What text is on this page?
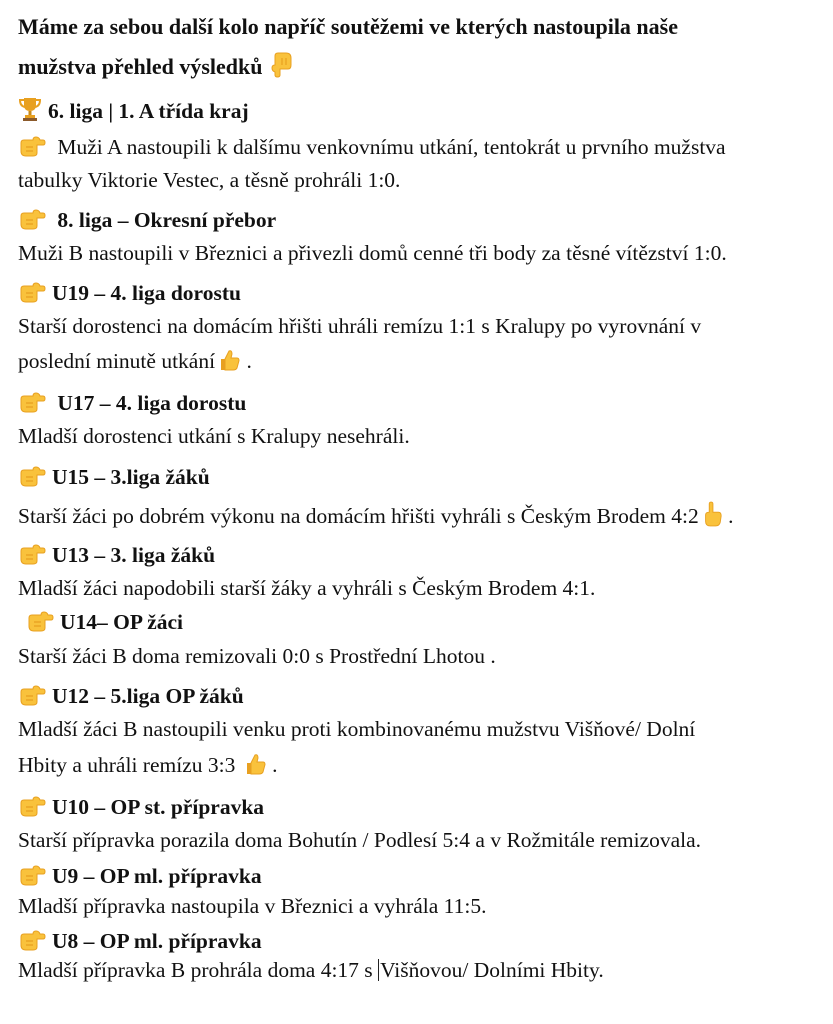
Máme za sebou další kolo napříč soutěžemi ve kterých nastoupila naše
mužstva přehled výsledků
6. liga | 1. A třída kraj
Muži A nastoupili k dalšímu venkovnímu utkání, tentokrát u prvního mužstva
tabulky Viktorie Vestec, a těsně prohráli 1:0.
8. liga – Okresní přebor
Muži B nastoupili v Březnici a přivezli domů cenné tři body za těsné vítězství 1:0.
U19 – 4. liga dorostu
Starší dorostenci na domácím hřišti uhráli remízu 1:1 s Kralupy po vyrovnání v
poslední minutě utkání .
U17 – 4. liga dorostu
Mladší dorostenci utkání s Kralupy nesehráli.
U15 – 3.liga žáků
Starší žáci po dobrém výkonu na domácím hřišti vyhráli s Českým Brodem 4:2 .
U13 – 3. liga žáků
Mladší žáci napodobili starší žáky a vyhráli s Českým Brodem 4:1.
U14– OP žáci
Starší žáci B doma remizovali 0:0 s Prostřední Lhotou .
U12 – 5.liga OP žáků
Mladší žáci B nastoupili venku proti kombinovanému mužstvu Višňové/ Dolní
Hbity a uhráli remízu 3:3  .
U10 – OP st. přípravka
Starší přípravka porazila doma Bohutín / Podlesí 5:4 a v Rožmitále remizovala.
U9 – OP ml. přípravka
Mladší přípravka nastoupila v Březnici a vyhrála 11:5.
U8 – OP ml. přípravka
Mladší přípravka B prohrála doma 4:17 s Višňovou/ Dolními Hbity.
